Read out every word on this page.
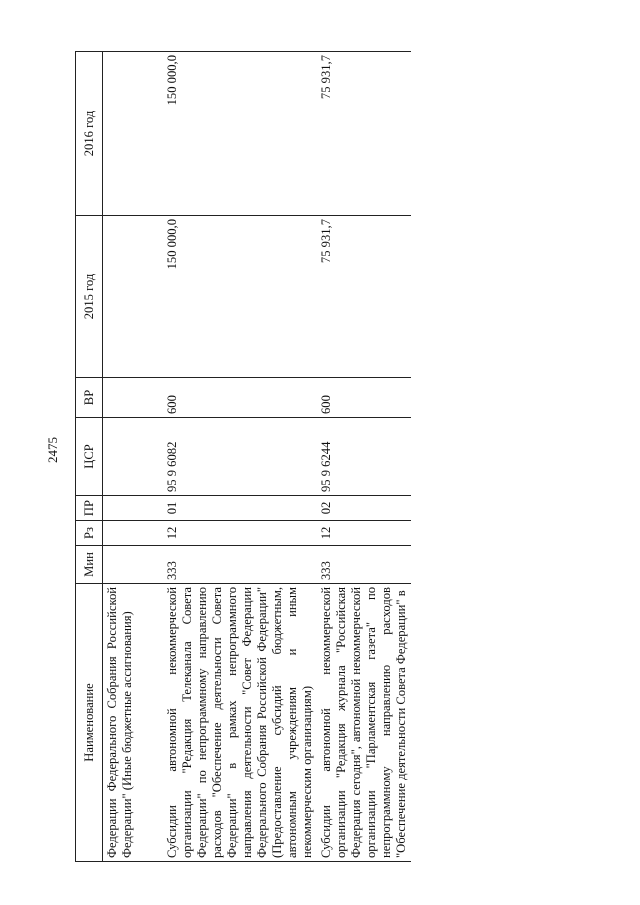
2475
Наименование	Мин	Рз	ПР	ЦСР	ВР	2015 год	2016 год
Федерации Федерального Собрания Российской Федерации" (Иные бюджетные ассигнования)							
Субсидии автономной некоммерческой организации "Редакция Телеканала Совета Федерации" по непрограммному направлению расходов "Обеспечение деятельности Совета Федерации" в рамках непрограммного направления деятельности "Совет Федерации Федерального Собрания Российской Федерации" (Предоставление субсидий бюджетным, автономным учреждениям и иным некоммерческим организациям)	333	12	01	95 9 6082	600	150 000,0	150 000,0
Субсидии автономной некоммерческой организации "Редакция журнала "Российская Федерация сегодня", автономной некоммерческой организации "Парламентская газета" по непрограммному направлению расходов "Обеспечение деятельности Совета Федерации" в	333	12	02	95 9 6244	600	75 931,7	75 931,7
